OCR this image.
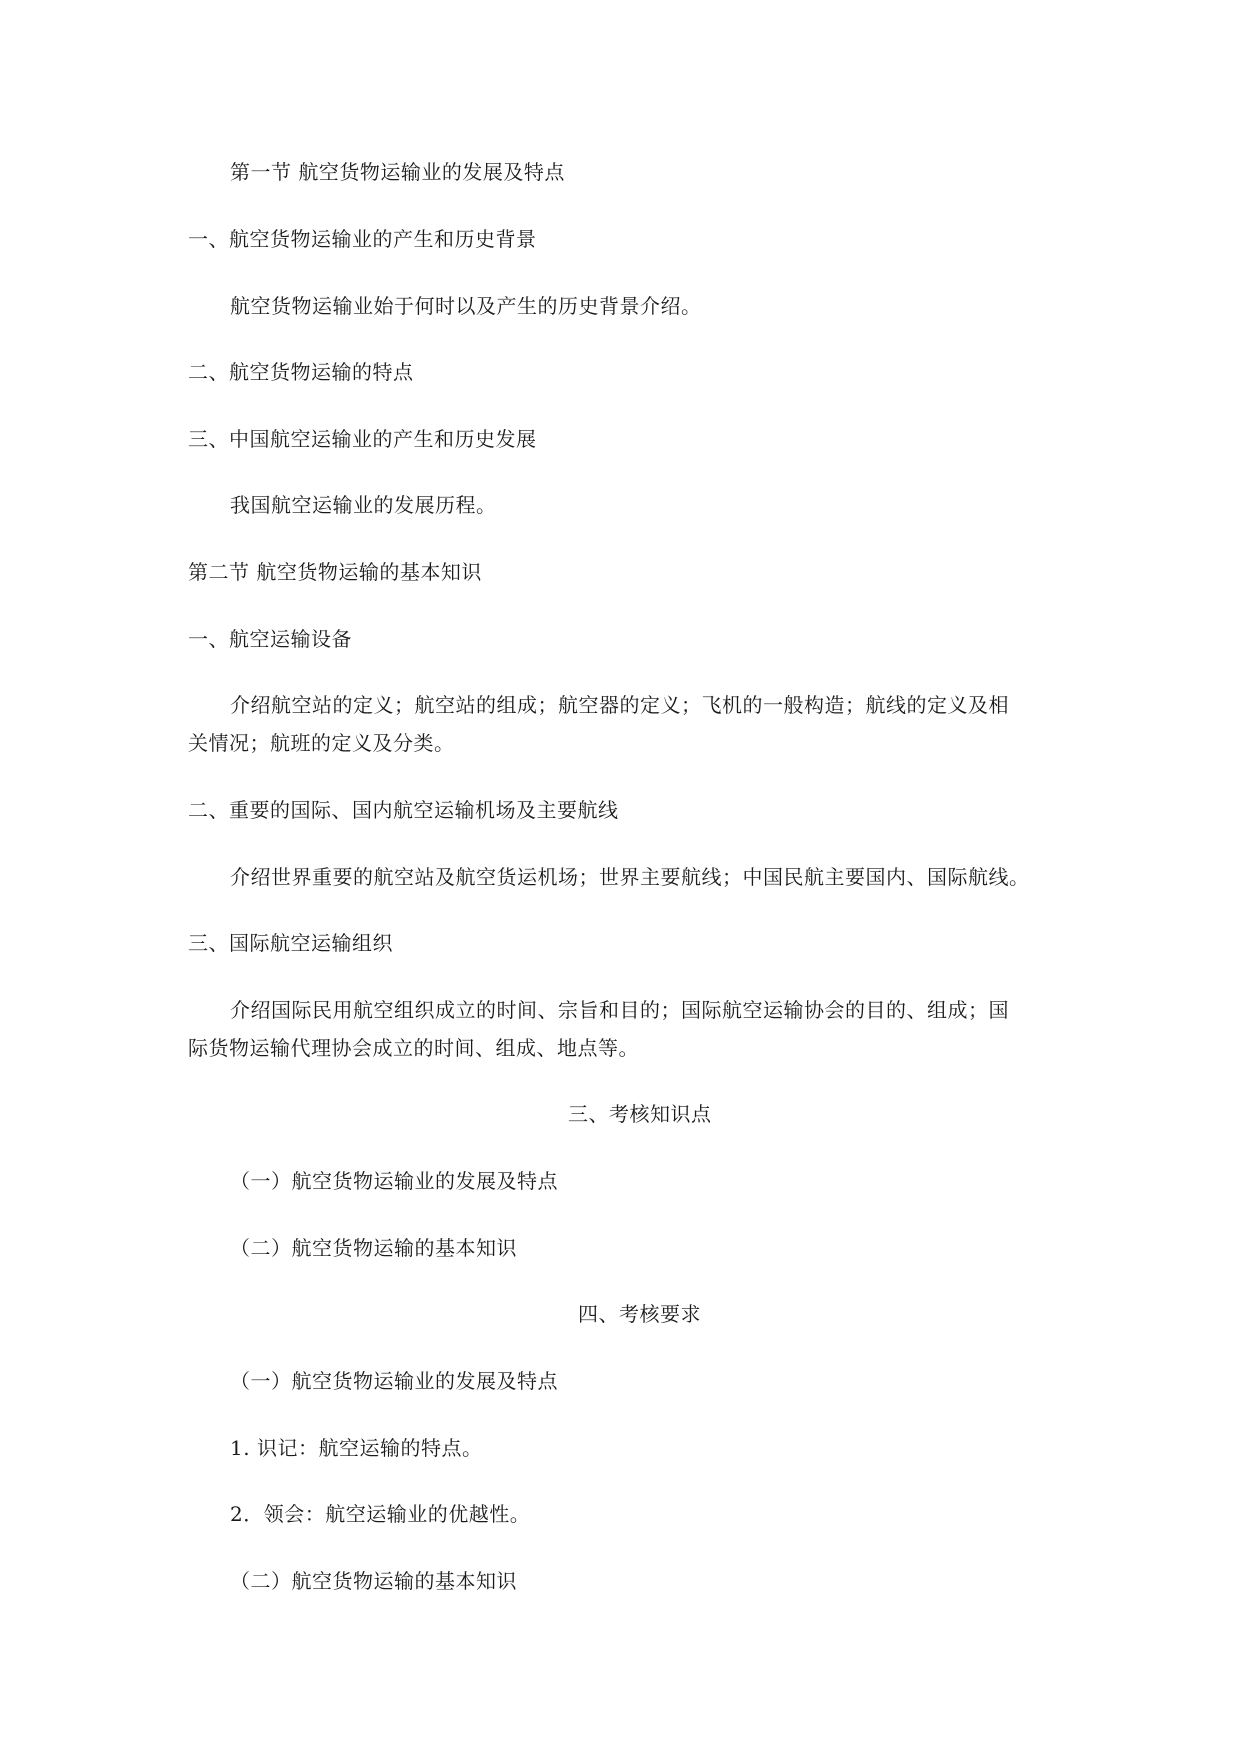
第一节 航空货物运输业的发展及特点
一、航空货物运输业的产生和历史背景
航空货物运输业始于何时以及产生的历史背景介绍。
二、航空货物运输的特点
三、中国航空运输业的产生和历史发展
我国航空运输业的发展历程。
第二节 航空货物运输的基本知识
一、航空运输设备
介绍航空站的定义；航空站的组成；航空器的定义；飞机的一般构造；航线的定义及相
关情况；航班的定义及分类。
二、重要的国际、国内航空运输机场及主要航线
介绍世界重要的航空站及航空货运机场；世界主要航线；中国民航主要国内、国际航线。
三、国际航空运输组织
介绍国际民用航空组织成立的时间、宗旨和目的；国际航空运输协会的目的、组成；国
际货物运输代理协会成立的时间、组成、地点等。
三、考核知识点
（一）航空货物运输业的发展及特点
（二）航空货物运输的基本知识
四、考核要求
（一）航空货物运输业的发展及特点
1. 识记：航空运输的特点。
2．领会：航空运输业的优越性。
（二）航空货物运输的基本知识
